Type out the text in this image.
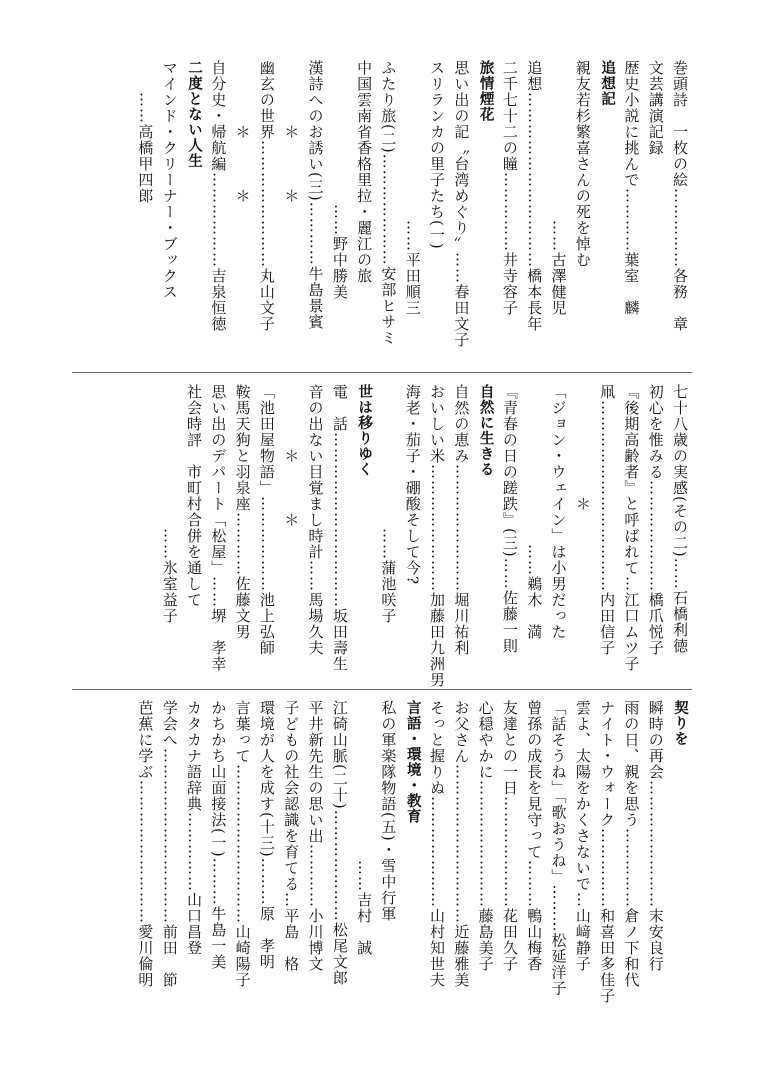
巻頭詩　一枚の絵……………各務　章
文芸講演記録
歴史小説に挑んで…………葉室　麟
追想記
親友若杉繁喜さんの死を悼む
　　　　　　　　　　……古澤健児
追想……………………………橋本長年
二千七十二の瞳……………井寺容子
旅情煙花
思い出の記〝台湾めぐり〟……春田文子
スリランカの里子たち(一)
　　　　　　　　　　……平田順三
ふたり旅(二)…………………安部ヒサミ
中国雲南省香格里拉・麗江の旅
　　　　　　　　　……野中勝美
漢詩へのお誘い(三)…………牛島景賓
　　　　＊　　　＊
幽玄の世界……………………丸山文子
　　　　＊　　　＊
自分史・帰航編………………吉泉恒徳
二度とない人生
マインド・クリーナー・ブックス
　　……高橋甲四郎
七十八歳の実感(その二)……石橋利徳
初心を惟みる…………………橋爪悦子
『後期高齢者』と呼ばれて…江口ムツ子
凧………………………………内田信子
　　　　　　　＊
「ジョン・ウェイン」は小男だった
　　　　　　　　　　……鵜木　満
『青春の日の蹉跌』(三)……佐藤一則
自然に生きる
自然の恵み……………………堀川祐利
おいしい米……………………加藤田九洲男
海老・茄子・硼酸そして今?
　　　　　　　　　……蒲池咲子
世は移りゆく
電　話……………………………坂田壽生
音の出ない目覚まし時計……馬場久夫
　　　　＊　　　＊
「池田屋物語」………………池上弘師
鞍馬天狗と羽泉座…………佐藤文男
思い出のデパート「松屋」……堺　孝幸
社会時評　市町村合併を通して
　　　　　　　　　……氷室益子
契りを
瞬時の再会……………………末安良行
雨の日、親を思う……………倉ノ下和代
ナイト・ウォーク……………和喜田多佳子
雲よ、太陽をかくさないで…山﨑静子
「話そうね」「歌おうね」………松延洋子
曾孫の成長を見守って………鴨山梅香
友達との一日…………………花田久子
心穏やかに……………………藤島美子
お父さん…………………………近藤雅美
そっと握りぬ…………………山村知世夫
言語・環境・教育
私の軍楽隊物語(五)・雪中行軍
　　　　　　　　　　……吉村　誠
江碕山脈(二十)…………………松尾文郎
平井新先生の思い出…………小川博文
子どもの社会認識を育てる…平島　格
環境が人を成す(十三)………原　孝明
言葉って…………………………山崎陽子
かちかち山面接法(一)………牛島一美
カタカナ語辞典……………山口昌登
学会へ……………………………前田　節
芭蕉に学ぶ………………………愛川倫明
